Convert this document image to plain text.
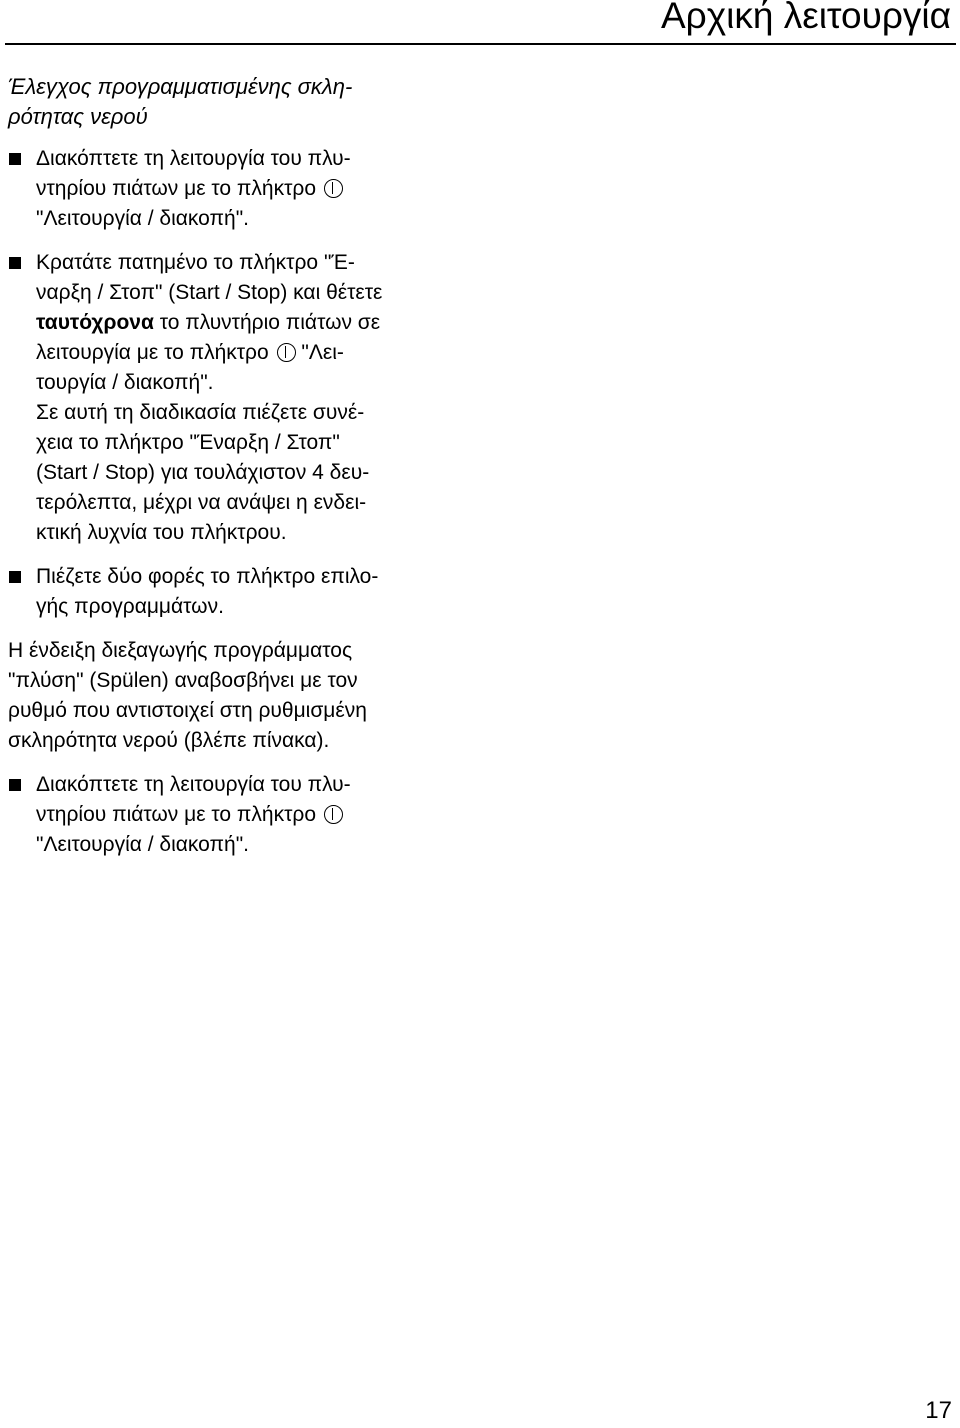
Αρχική λειτουργία
Έλεγχος προγραμματισμένης σκλη-
ρότητας νερού
Διακόπτετε τη λειτουργία του πλυ-
ντηρίου πιάτων με το πλήκτρο
"Λειτουργία / διακοπή".
Κρατάτε πατημένο το πλήκτρο "Έ-
ναρξη / Στοπ" (Start / Stop) και θέτετε
ταυτόχρονα το πλυντήριο πιάτων σε
λειτουργία με το πλήκτρο "Λει-
τουργία / διακοπή".
Σε αυτή τη διαδικασία πιέζετε συνέ-
χεια το πλήκτρο "Έναρξη / Στοπ"
(Start / Stop) για τουλάχιστον 4 δευ-
τερόλεπτα, μέχρι να ανάψει η ενδει-
κτική λυχνία του πλήκτρου.
Πιέζετε δύο φορές το πλήκτρο επιλο-
γής προγραμμάτων.
Η ένδειξη διεξαγωγής προγράμματος
"πλύση" (Spülen) αναβοσβήνει με τον
ρυθμό που αντιστοιχεί στη ρυθμισμένη
σκληρότητα νερού (βλέπε πίνακα).
Διακόπτετε τη λειτουργία του πλυ-
ντηρίου πιάτων με το πλήκτρο
"Λειτουργία / διακοπή".
17
